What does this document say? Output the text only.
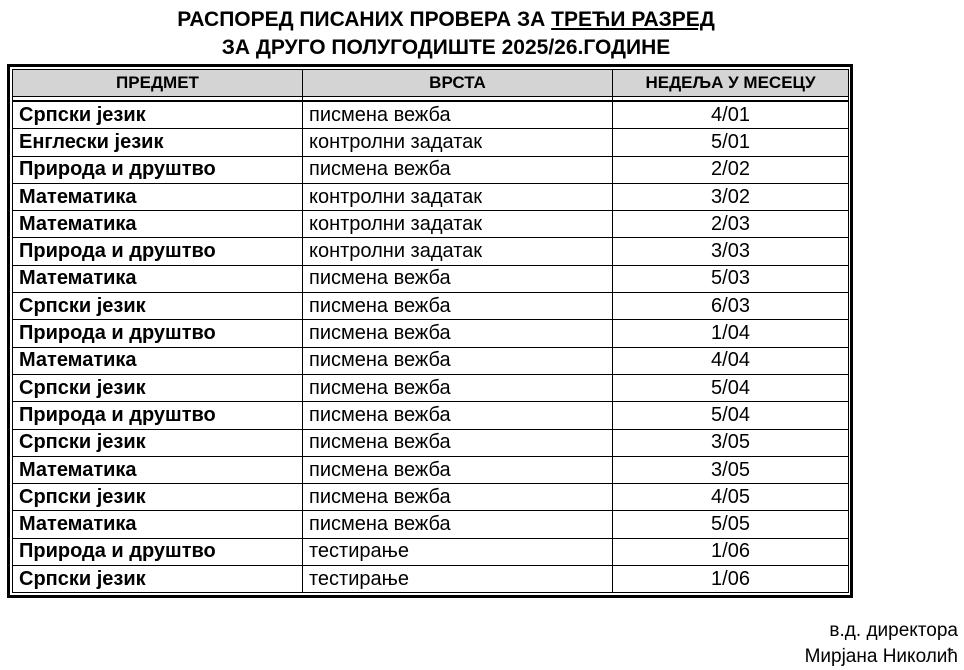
РАСПОРЕД ПИСАНИХ ПРОВЕРА ЗА ТРЕЋИ РАЗРЕД
ЗА ДРУГО ПОЛУГОДИШТЕ 2025/26.ГОДИНЕ
ПРЕДМЕТ	ВРСТА	НЕДЕЉА У МЕСЕЦУ

Српски језик	писмена вежба	4/01
Енглески језик	контролни задатак	5/01
Природа и друштво	писмена вежба	2/02
Математика	контролни задатак	3/02
Математика	контролни задатак	2/03
Природа и друштво	контролни задатак	3/03
Математика	писмена вежба	5/03
Српски језик	писмена вежба	6/03
Природа и друштво	писмена вежба	1/04
Математика	писмена вежба	4/04
Српски језик	писмена вежба	5/04
Природа и друштво	писмена вежба	5/04
Српски језик	писмена вежба	3/05
Математика	писмена вежба	3/05
Српски језик	писмена вежба	4/05
Математика	писмена вежба	5/05
Природа и друштво	тестирање	1/06
Српски језик	тестирање	1/06
в.д. директора
Мирјана Николић
